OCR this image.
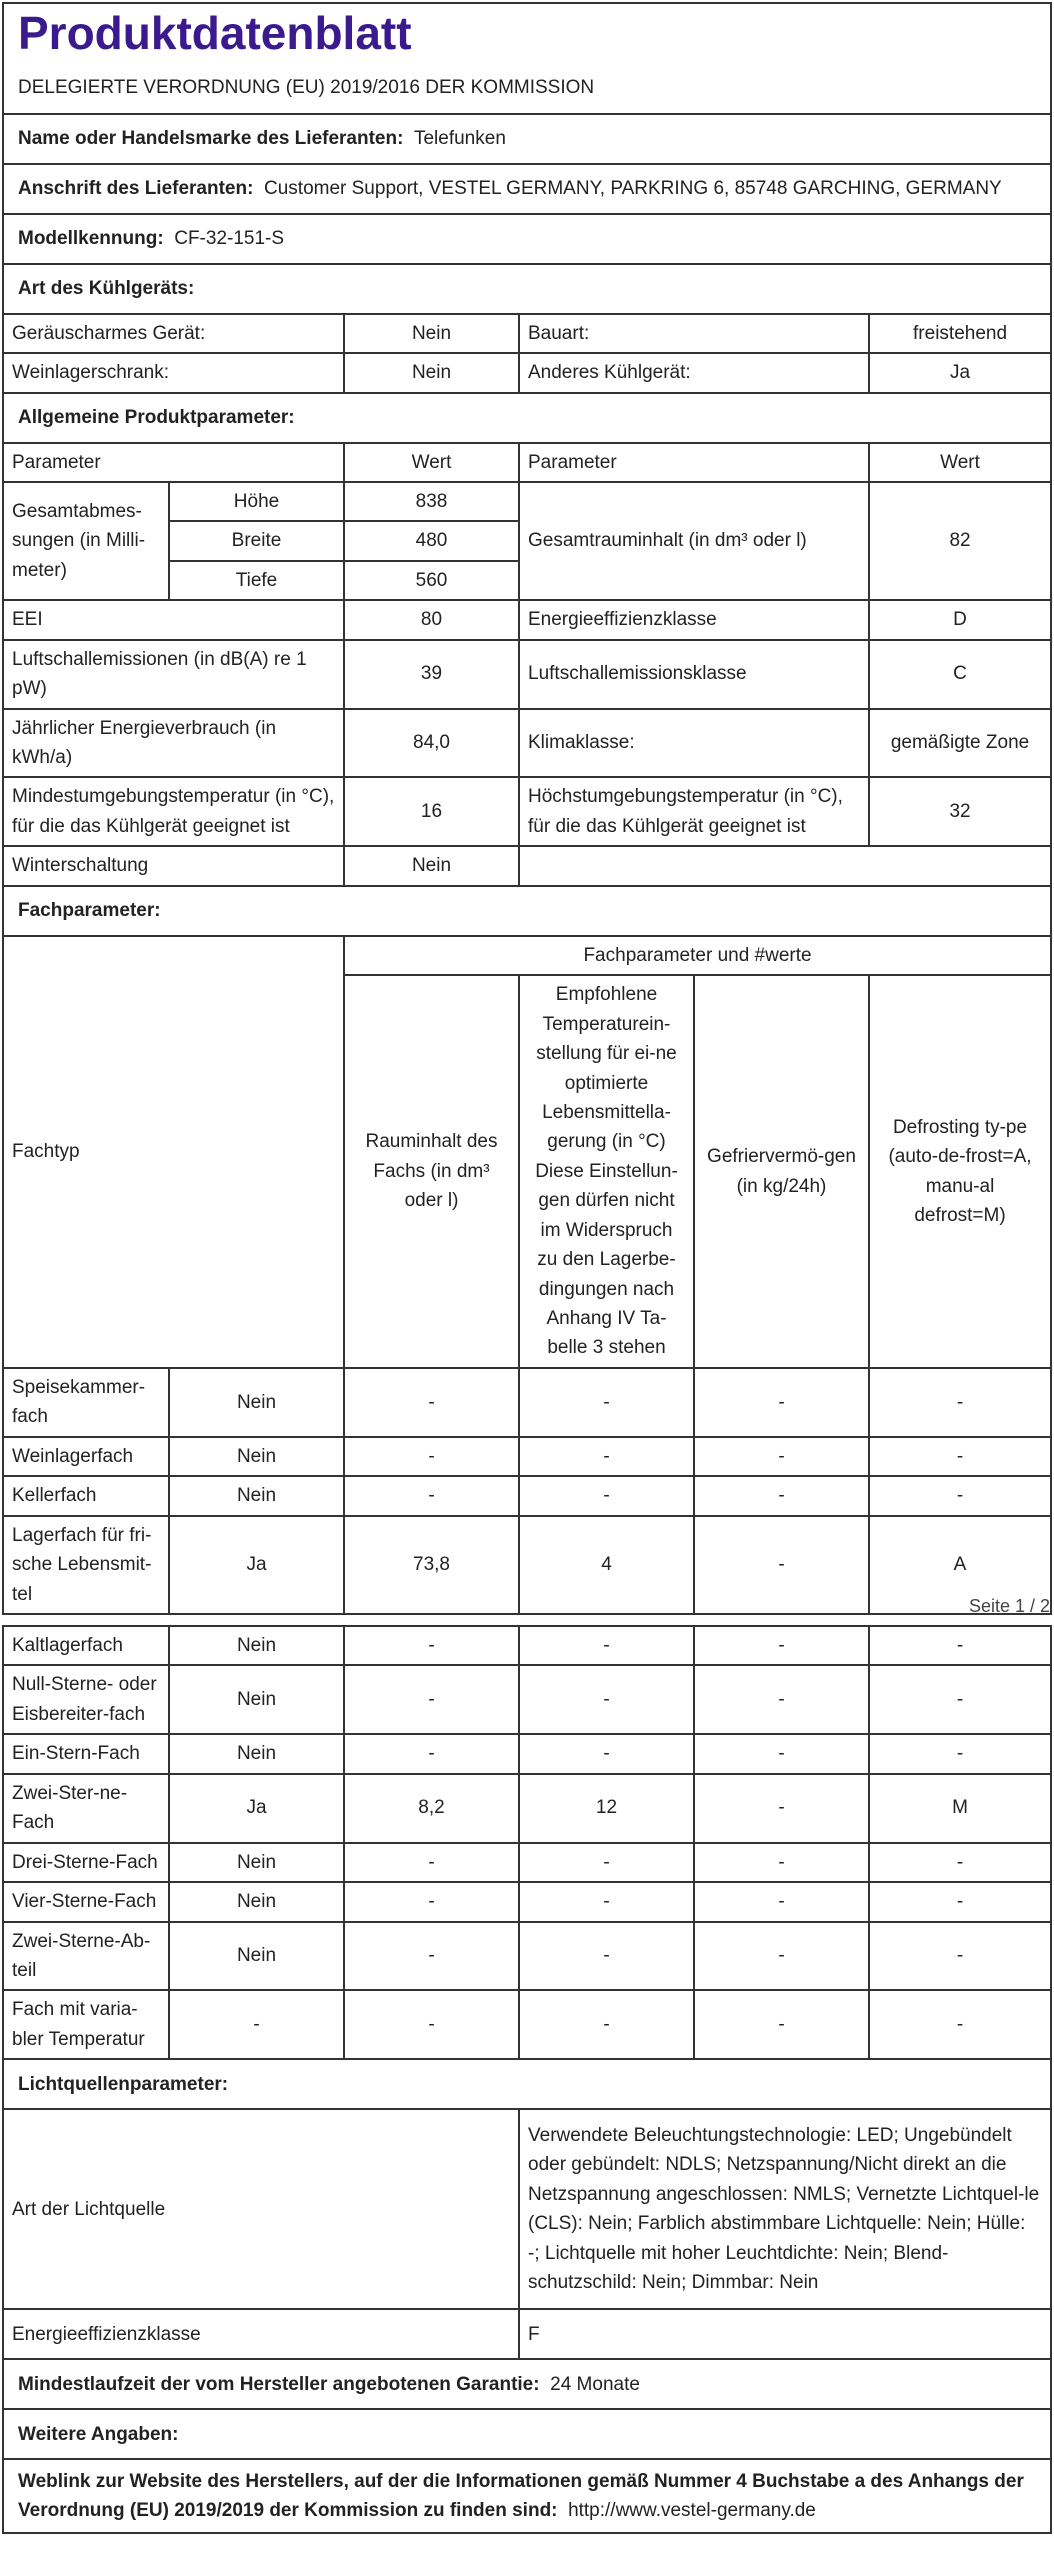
Produktdatenblatt
DELEGIERTE VERORDNUNG (EU) 2019/2016 DER KOMMISSION					

Name oder Handelsmarke des Lieferanten: Telefunken					
Anschrift des Lieferanten: Customer Support, VESTEL GERMANY, PARKRING 6, 85748 GARCHING, GERMANY					
Modellkennung: CF-32-151-S					
Art des Kühlgeräts:					
Geräuscharmes Gerät:		Nein	Bauart:		freistehend
Weinlagerschrank:		Nein	Anderes Kühlgerät:		Ja
Allgemeine Produktparameter:					
Parameter		Wert	Parameter		Wert
Gesamtabmes-sungen (in Milli-meter)	Höhe	838	Gesamtrauminhalt (in dm³ oder l)		82
	Breite	480			
	Tiefe	560			
EEI		80	Energieeffizienzklasse		D
Luftschallemissionen (in dB(A) re 1 pW)		39	Luftschallemissionsklasse		C
Jährlicher Energieverbrauch (in kWh/a)		84,0	Klimaklasse:		gemäßigte Zone
Mindestumgebungstemperatur (in °C), für die das Kühlgerät geeignet ist		16	Höchstumgebungstemperatur (in °C), für die das Kühlgerät geeignet ist		32
Winterschaltung		Nein			
Fachparameter:					
Fachtyp		Fachparameter und #werte			
		Rauminhalt des Fachs (in dm³ oder l)	Empfohlene Temperaturein-stellung für ei-ne optimierte Lebensmittella-gerung (in °C) Diese Einstellun-gen dürfen nicht im Widerspruch zu den Lagerbe-dingungen nach Anhang IV Ta-belle 3 stehen	Gefriervermö-gen (in kg/24h)	Defrosting ty-pe (auto-de-frost=A, manu-al defrost=M)
Speisekammer-fach	Nein	-	-	-	-
Weinlagerfach	Nein	-	-	-	-
Kellerfach	Nein	-	-	-	-
Lagerfach für fri-sche Lebensmit-tel	Ja	73,8	4	-	A
Seite 1 / 2
Kaltlagerfach	Nein	-	-	-	-
Null-Sterne- oder Eisbereiter-fach	Nein	-	-	-	-
Ein-Stern-Fach	Nein	-	-	-	-
Zwei-Ster-ne-Fach	Ja	8,2	12	-	M
Drei-Sterne-Fach	Nein	-	-	-	-
Vier-Sterne-Fach	Nein	-	-	-	-
Zwei-Sterne-Ab-teil	Nein	-	-	-	-
Fach mit varia-bler Temperatur	-	-	-	-	-
Lichtquellenparameter:					
Art der Lichtquelle			Verwendete Beleuchtungstechnologie: LED; Ungebündelt oder gebündelt: NDLS; Netzspannung/Nicht direkt an die Netzspannung angeschlossen: NMLS; Vernetzte Lichtquel-le (CLS): Nein; Farblich abstimmbare Lichtquelle: Nein; Hülle: -; Lichtquelle mit hoher Leuchtdichte: Nein; Blend-schutzschild: Nein; Dimmbar: Nein		
Energieeffizienzklasse			F		
Mindestlaufzeit der vom Hersteller angebotenen Garantie: 24 Monate					
Weitere Angaben:					
Weblink zur Website des Herstellers, auf der die Informationen gemäß Nummer 4 Buchstabe a des Anhangs der Verordnung (EU) 2019/2019 der Kommission zu finden sind: http://www.vestel-germany.de					
